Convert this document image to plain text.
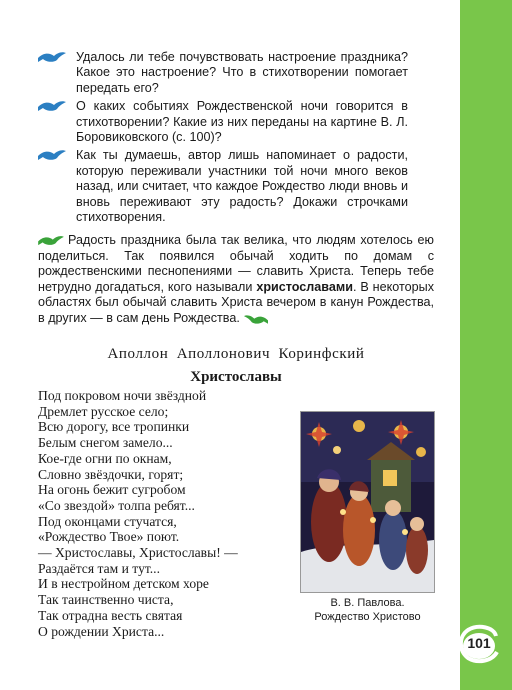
101
Удалось ли тебе почувствовать настроение праздника? Какое это настроение? Что в стихотворении помогает передать его?
О каких событиях Рождественской ночи говорится в стихотворении? Какие из них переданы на картине В. Л. Боровиковского (с. 100)?
Как ты думаешь, автор лишь напоминает о радости, которую переживали участники той ночи много веков назад, или считает, что каждое Рождество люди вновь и вновь переживают эту радость? Докажи строчками стихотворения.
Радость праздника была так велика, что людям хотелось ею поделиться. Так появился обычай ходить по домам с рождественскими песнопениями — славить Христа. Теперь тебе нетрудно догадаться, кого называли христославами. В некоторых областях был обычай славить Христа вечером в канун Рождества, в других — в сам день Рождества.
Аполлон Аполлонович Коринфский
Христославы
Под покровом ночи звёздной
Дремлет русское село;
Всю дорогу, все тропинки
Белым снегом замело...
Кое-где огни по окнам,
Словно звёздочки, горят;
На огонь бежит сугробом
«Со звездой» толпа ребят...
Под оконцами стучатся,
«Рождество Твое» поют.
— Христославы, Христославы! —
Раздаётся там и тут...
И в нестройном детском хоре
Так таинственно чиста,
Так отрадна весть святая
О рождении Христа...
В. В. Павлова.
Рождество Христово
